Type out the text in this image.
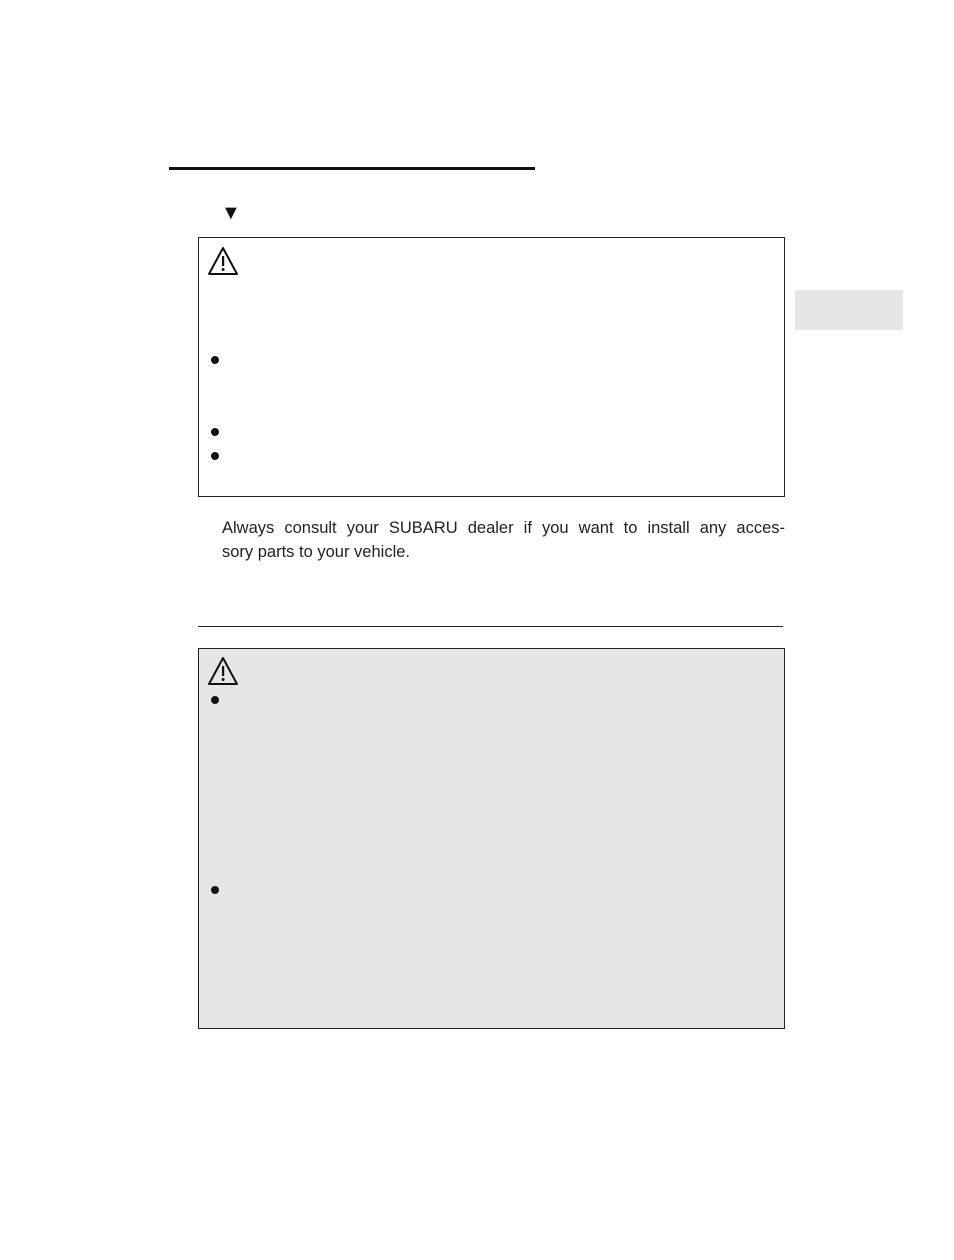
▼
Always consult your SUBARU dealer if you want to install any acces-
sory parts to your vehicle.
